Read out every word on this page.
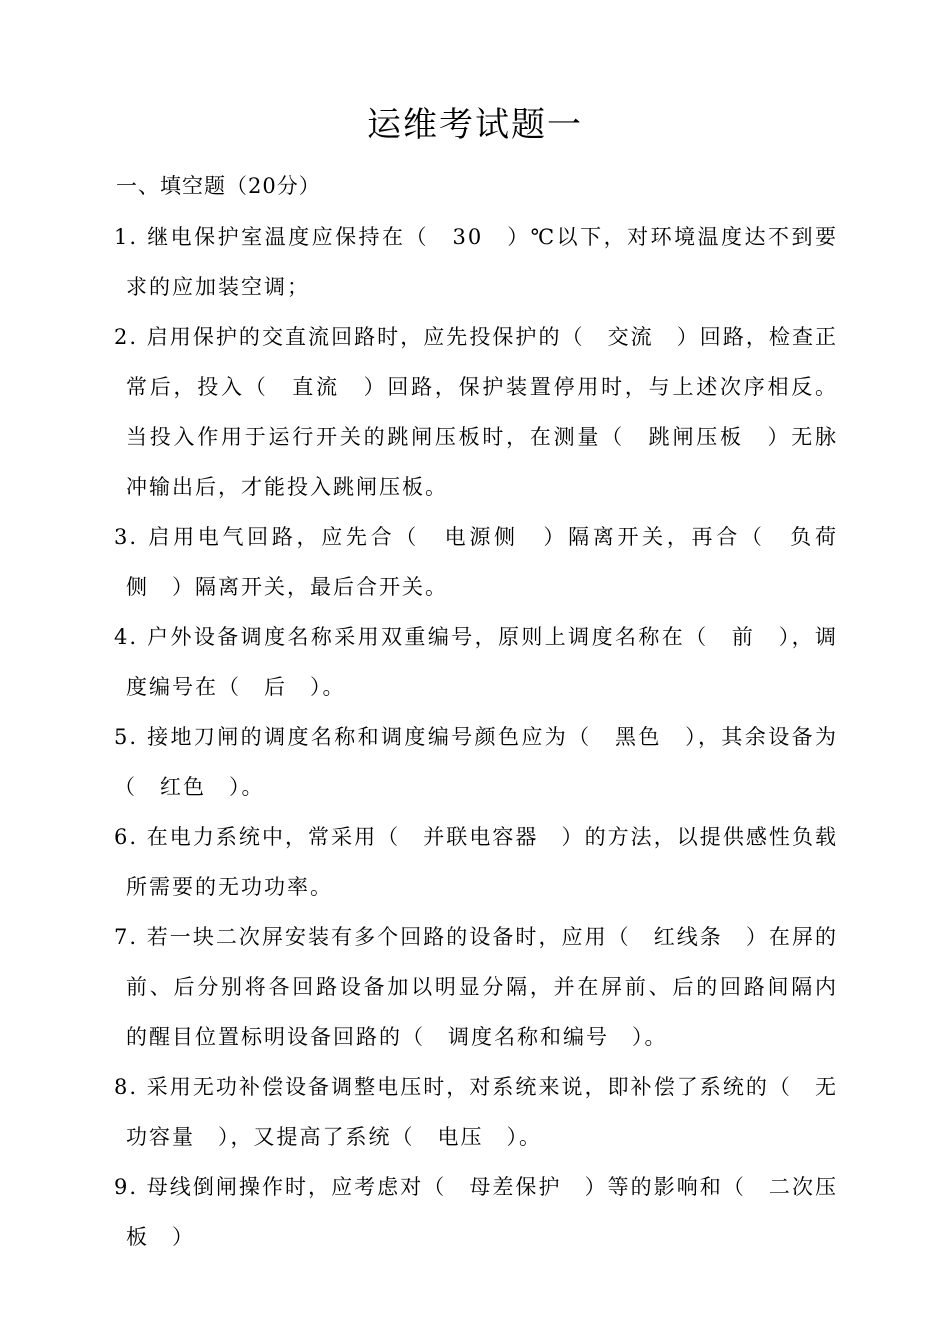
运维考试题一
一、填空题（20分）
1. 继电保护室温度应保持在（　30　）℃以下，对环境温度达不到要求的应加装空调；
2. 启用保护的交直流回路时，应先投保护的（　交流　）回路，检查正常后，投入（　直流　）回路，保护装置停用时，与上述次序相反。当投入作用于运行开关的跳闸压板时，在测量（　跳闸压板　）无脉冲输出后，才能投入跳闸压板。
3. 启用电气回路，应先合（　电源侧　）隔离开关，再合（　负荷侧　）隔离开关，最后合开关。
4. 户外设备调度名称采用双重编号，原则上调度名称在（　前　），调度编号在（　后　）。
5. 接地刀闸的调度名称和调度编号颜色应为（　黑色　），其余设备为（　红色　）。
6. 在电力系统中，常采用（　并联电容器　）的方法，以提供感性负载所需要的无功功率。
7. 若一块二次屏安装有多个回路的设备时，应用（　红线条　）在屏的前、后分别将各回路设备加以明显分隔，并在屏前、后的回路间隔内的醒目位置标明设备回路的（　调度名称和编号　）。
8. 采用无功补偿设备调整电压时，对系统来说，即补偿了系统的（　无功容量　），又提高了系统（　电压　）。
9. 母线倒闸操作时，应考虑对（　母差保护　）等的影响和（　二次压板　）
